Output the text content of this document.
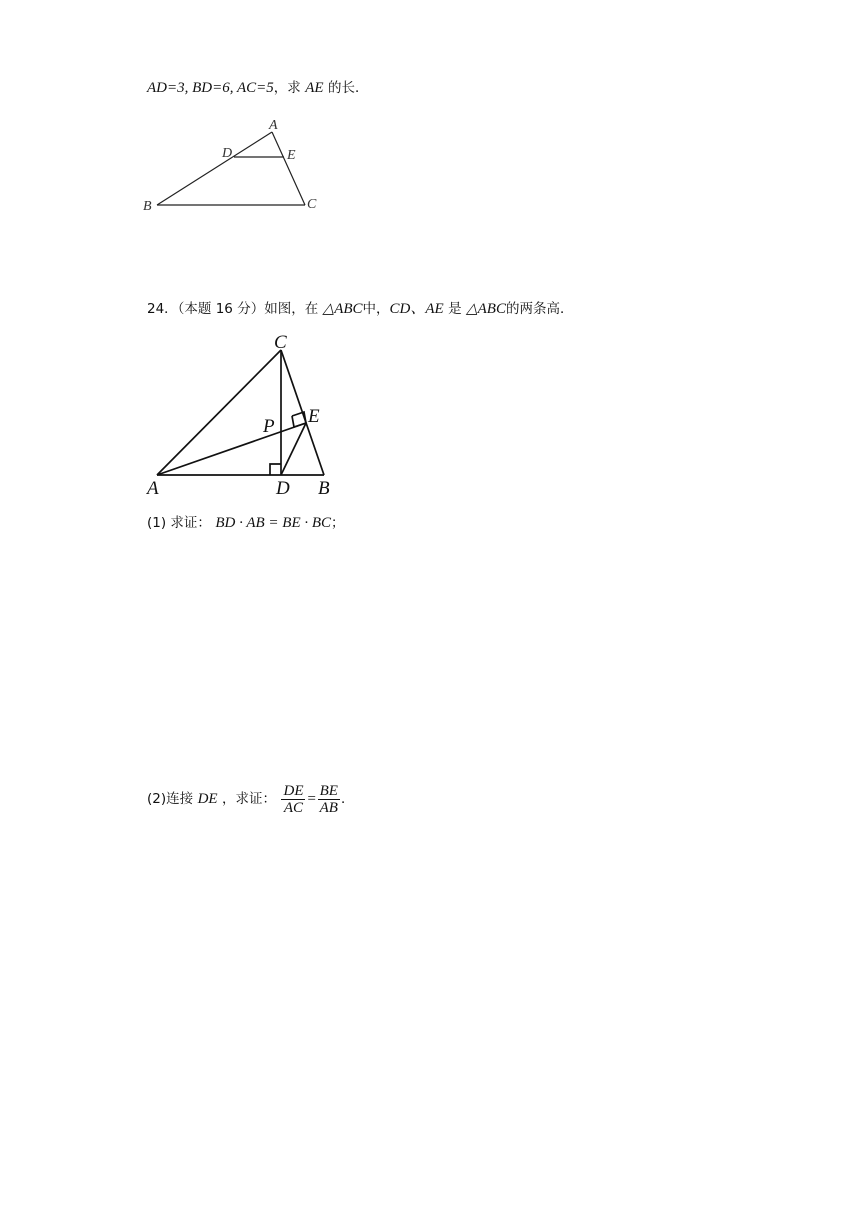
AD=3, BD=6, AC=5，求 AE 的长．
A
B	C
D	E
24．（本题 16 分）如图，在 △ABC中，CD、AE 是 △ABC的两条高．
C
P E
A	D B
(1) 求证： BD · AB = BE · BC；
(2)连接 DE ，求证： $\frac{DE}{AC} = \frac{BE}{AB}$ ．
